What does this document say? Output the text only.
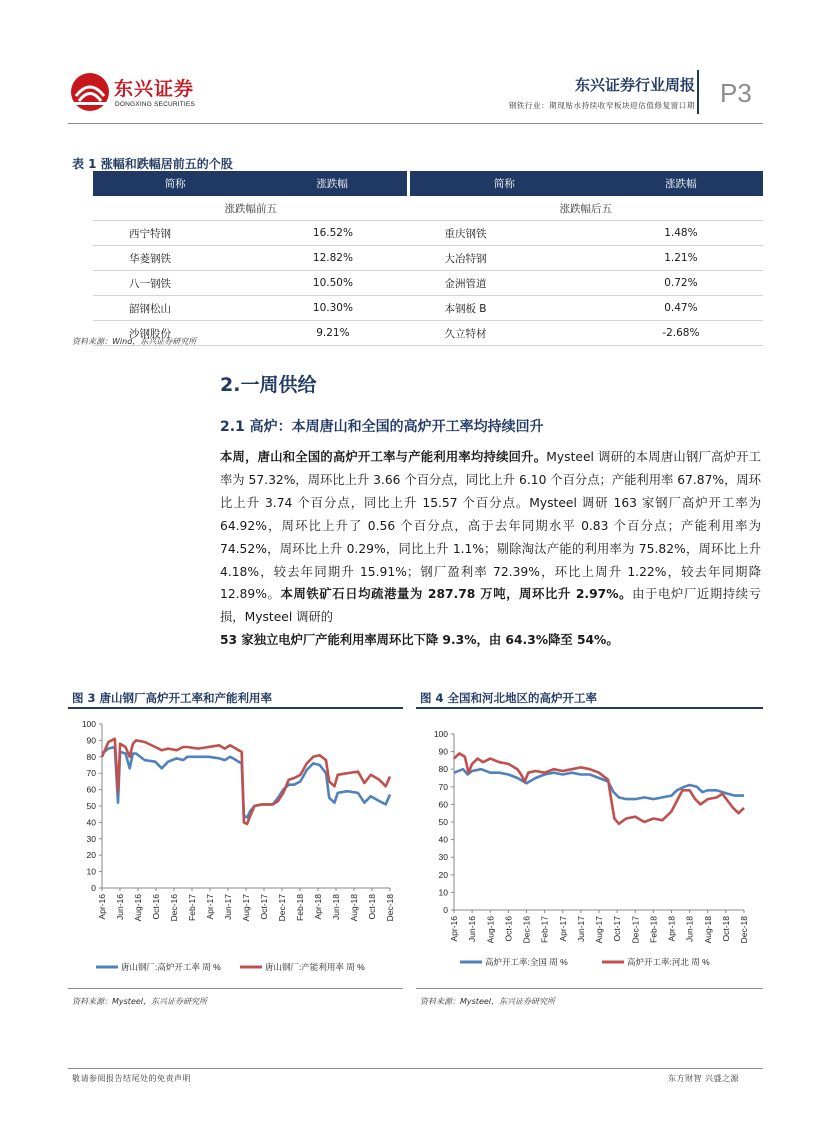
东兴证券
DONGXING SECURITIES
东兴证券行业周报
钢铁行业：期现贴水持续收窄板块迎估值修复窗口期 P3
表 1 涨幅和跌幅居前五的个股
简称	涨跌幅	简称	涨跌幅
涨跌幅前五		涨跌幅后五	
西宁特钢	16.52%	重庆钢铁	1.48%
华菱钢铁	12.82%	大冶特钢	1.21%
八一钢铁	10.50%	金洲管道	0.72%
韶钢松山	10.30%	本钢板 B	0.47%
沙钢股份	9.21%	久立特材	-2.68%
资料来源：Wind，东兴证券研究所
2.一周供给
2.1 高炉：本周唐山和全国的高炉开工率均持续回升
本周，唐山和全国的高炉开工率与产能利用率均持续回升。Mysteel 调研的本周唐山钢厂高炉开工率为 57.32%，周环比上升 3.66 个百分点，同比上升 6.10 个百分点；产能利用率 67.87%，周环比上升 3.74 个百分点，同比上升 15.57 个百分点。Mysteel 调研 163 家钢厂高炉开工率为 64.92%，周环比上升了 0.56 个百分点，高于去年同期水平 0.83 个百分点；产能利用率为 74.52%，周环比上升 0.29%，同比上升 1.1%；剔除淘汰产能的利用率为 75.82%，周环比上升 4.18%，较去年同期升 15.91%；钢厂盈利率 72.39%，环比上周升 1.22%，较去年同期降 12.89%。本周铁矿石日均疏港量为 287.78 万吨，周环比升 2.97%。由于电炉厂近期持续亏损，Mysteel 调研的
53 家独立电炉厂产能利用率周环比下降 9.3%，由 64.3%降至 54%。
图 3 唐山钢厂高炉开工率和产能利用率
0
10
20
30
40
50
60
70
80
90
100
Apr-16 Jun-16 Aug-16 Oct-16 Dec-16 Feb-17 Apr-17 Jun-17 Aug-17 Oct-17 Dec-17 Feb-18 Apr-18 Jun-18 Aug-18 Oct-18 Dec-18
唐山钢厂:高炉开工率 周 %	唐山钢厂:产能利用率 周 %
资料来源：Mysteel，东兴证券研究所
图 4 全国和河北地区的高炉开工率
0
10
20
30
40
50
60
70
80
90
100
Apr-16 Jun-16 Aug-16 Oct-16 Dec-16 Feb-17 Apr-17 Jun-17 Aug-17 Oct-17 Dec-17 Feb-18 Apr-18 Jun-18 Aug-18 Oct-18 Dec-18
高炉开工率:全国 周 %	高炉开工率:河北 周 %
资料来源：Mysteel，东兴证券研究所
敬请参阅报告结尾处的免责声明	东方财智 兴盛之源
